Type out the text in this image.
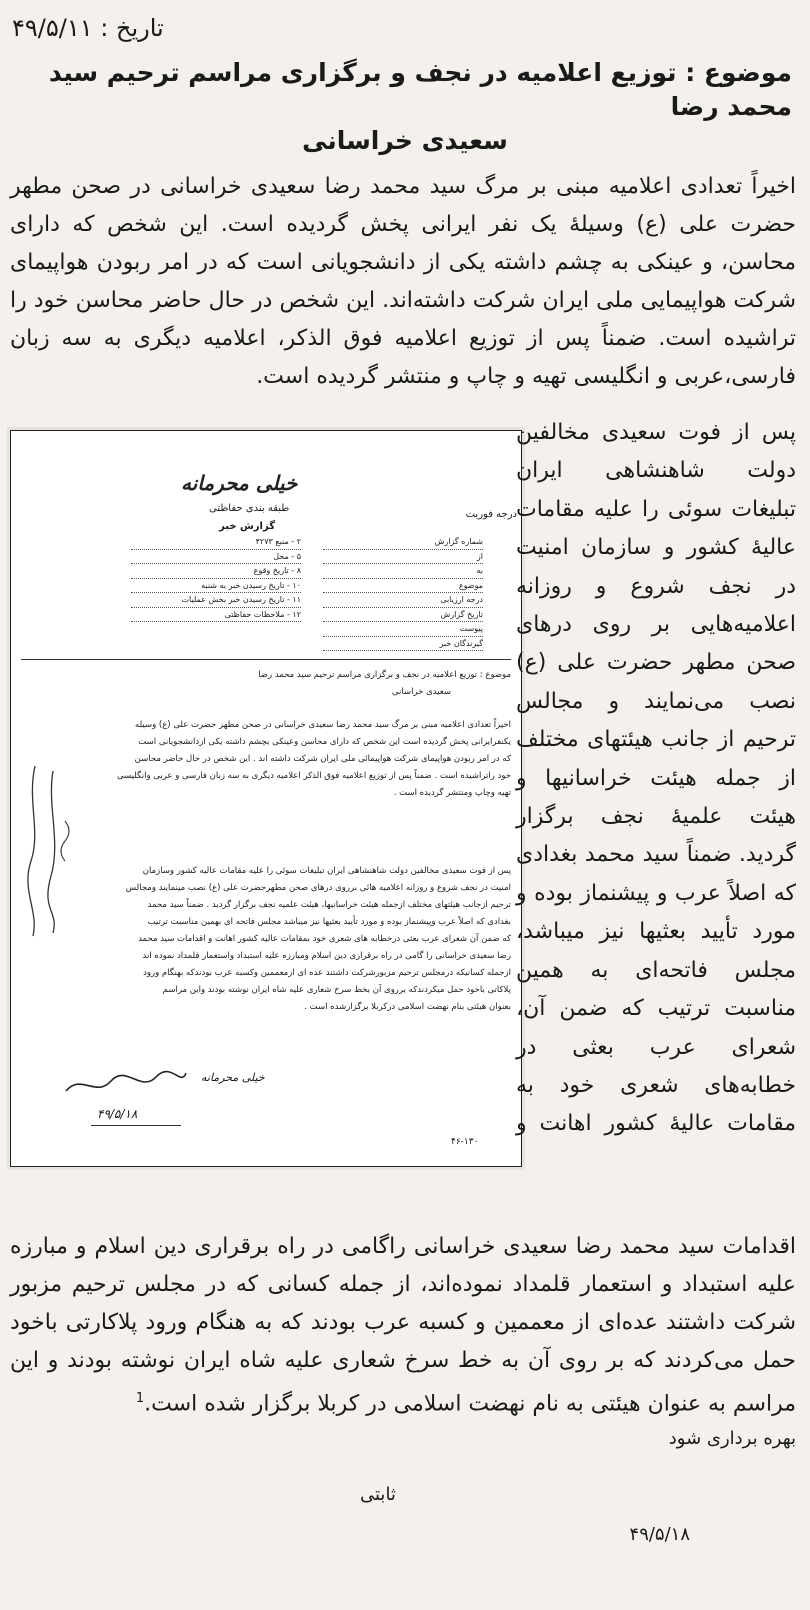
تاریخ : ۴۹/۵/۱۱
موضوع : توزیع اعلامیه در نجف و برگزاری مراسم ترحیم سید محمد رضا
سعیدی خراسانی
اخیراً تعدادی اعلامیه مبنی بر مرگ سید محمد رضا سعیدی خراسانی در صحن مطهر حضرت علی (ع) وسیلهٔ یک نفر ایرانی پخش گردیده است. این شخص که دارای محاسن، و عینکی به چشم داشته یکی از دانشجویانی است که در امر ربودن هواپیمای شرکت هواپیمایی ملی ایران شرکت داشته‌اند. این شخص در حال حاضر محاسن خود را تراشیده است. ضمناً پس از توزیع اعلامیه فوق الذکر، اعلامیه دیگری به سه زبان فارسی،عربی و انگلیسی تهیه و چاپ و منتشر گردیده است.
خیلی محرمانه
طبقه بندی حفاظتی
گزارش خبر
درجه فوریت
شماره گزارش
از
به
موضوع
درجه ارزیابی
تاریخ گزارش
پیوست
گیرندگان خبر
۲ - منبع ۴۲۷۳
۵ - محل
۸ - تاریخ وقوع
۱۰ - تاریخ رسیدن خبر به شنبه
۱۱ - تاریخ رسیدن خبر بخش عملیات
۱۲ - ملاحظات حفاظتی
موضوع : توزیع اعلامیه در نجف و برگزاری مراسم ترحیم سید محمد رضا
سعیدی خراسانی
اخیراً تعدادی اعلامیه مبنی بر مرگ سید محمد رضا سعیدی خراسانی در صحن مطهر حضرت علی (ع) وسیله
یکنفرایرانی پخش گردیده است این شخص که دارای محاسن وعینکی بچشم داشته یکی ازدانشجویانی است
که در امر ربودن هواپیمای شرکت هواپیمائی ملی ایران شرکت داشته اند . این شخص در حال حاضر محاسن
خود راتراشیده است . ضمناً پس از توزیع اعلامیه فوق الذکر اعلامیه دیگری به سه زبان فارسی و عربی وانگلیسی
تهیه وچاپ ومنتشر گردیده است .
پس از فوت سعیدی مخالفین دولت شاهنشاهی ایران تبلیغات سوئی را علیه مقامات عالیه کشور وسازمان
امنیت در نجف شروع و روزانه اعلامیه هائی برروی درهای صحن مطهرحضرت علی (ع) نصب مینمایند ومجالس
ترحیم ازجانب هیئتهای مختلف ازجمله هیئت خراسانیها، هیئت علمیه نجف برگزار گردید . ضمناً سید محمد
بغدادی که اصلاً عرب وپیشنماز بوده و مورد تأیید بعثیها نیز میباشد مجلس فاتحه ای بهمین مناسبت ترتیب
که ضمن آن شعرای عرب بعثی درخطابه های شعری خود بمقامات عالیه کشور اهانت و اقدامات سید محمد
رضا سعیدی خراسانی را گامی در راه برقراری دین اسلام ومبارزه علیه استبداد واستعمار قلمداد نموده اند
ازجمله کسانیکه درمجلس ترحیم مزبورشرکت داشتند عده ای ازمعممین وکسبه عرب بودندکه بهنگام ورود
پلاکاتی باخود حمل میکردندکه برروی آن بخط سرخ شعاری علیه شاه ایران نوشته بودند واین مراسم
بعنوان هیئتی بنام نهضت اسلامی درکربلا برگزارشده است .
خیلی محرمانه
۴۹/۵/۱۸
۴۶-۱۳۰

پس از فوت سعیدی مخالفین دولت شاهنشاهی ایران تبلیغات سوئی را علیه مقامات عالیهٔ کشور و سازمان امنیت در نجف شروع و روزانه اعلامیه‌هایی بر روی درهای صحن مطهر حضرت علی (ع) نصب می‌نمایند و مجالس ترحیم از جانب هیئتهای مختلف از جمله هیئت خراسانیها و هیئت علمیهٔ نجف برگزار گردید. ضمناً سید محمد بغدادی که اصلاً عرب و پیشنماز بوده و مورد تأیید بعثیها نیز میباشد، مجلس فاتحه‌ای به همین مناسبت ترتیب که ضمن آن، شعرای عرب بعثی در خطابه‌های شعری خود به مقامات عالیهٔ کشور اهانت و

اقدامات سید محمد رضا سعیدی خراسانی راگامی در راه برقراری دین اسلام و مبارزه علیه استبداد و استعمار قلمداد نموده‌اند، از جمله کسانی که در مجلس ترحیم مزبور شرکت داشتند عده‌ای از معممین و کسبه عرب بودند که به هنگام ورود پلاکارتی باخود حمل می‌کردند که بر روی آن به خط سرخ شعاری علیه شاه ایران نوشته بودند و این مراسم به عنوان هیئتی به نام نهضت اسلامی در کربلا برگزار شده است.$^1$
بهره برداری شود
ثابتی
۴۹/۵/۱۸
